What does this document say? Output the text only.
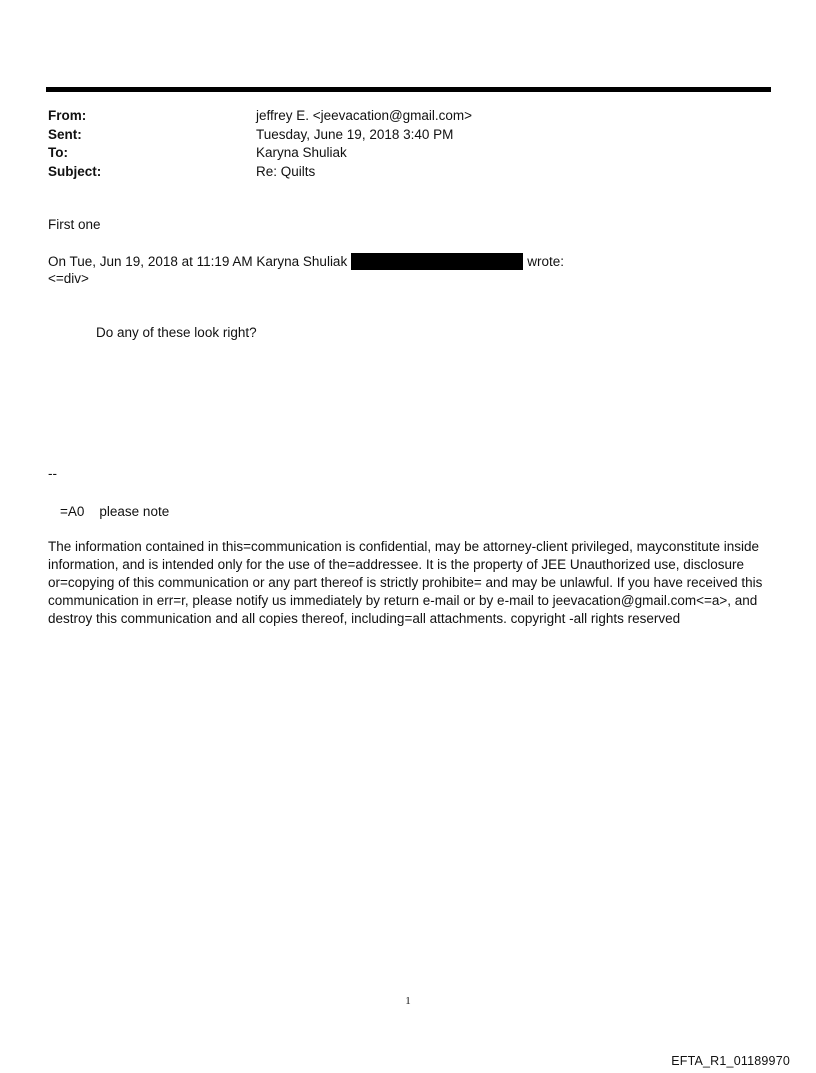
From:	jeffrey E. <jeevacation@gmail.com>
Sent:	Tuesday, June 19, 2018 3:40 PM
To:	Karyna Shuliak
Subject:	Re: Quilts
First one
On Tue, Jun 19, 2018 at 11:19 AM Karyna Shuliak	wrote:
<=div>
Do any of these look right?
--
=A0    please note
The information contained in this=communication is confidential, may be attorney-client privileged, mayconstitute inside information, and is intended only for the use of the=addressee. It is the property of JEE Unauthorized use, disclosure or=copying of this communication or any part thereof is strictly prohibite= and may be unlawful. If you have received this communication in err=r, please notify us immediately by return e-mail or by e-mail to jeevacation@gmail.com<=a>, and destroy this communication and all copies thereof, including=all attachments. copyright -all rights reserved
1
EFTA_R1_01189970
